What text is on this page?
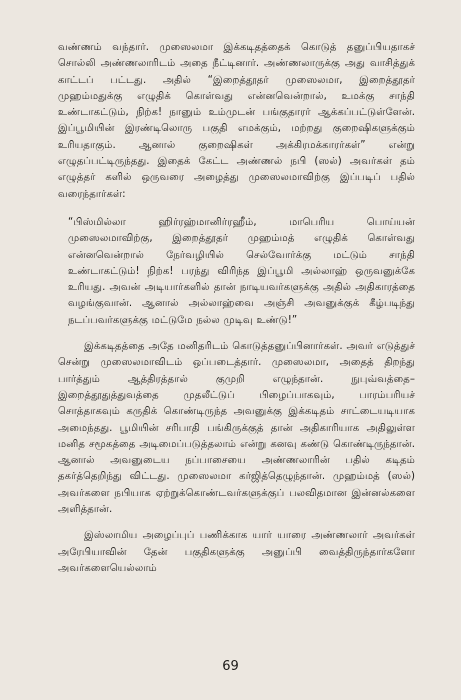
வண்ணம் வந்தார். முஸைலமா இக்கடிதத்தைக் கொடுத் தனுப்பியதாகச் சொல்லி அண்ணலாரிடம் அதை நீட்டினார். அண்ணலாருக்கு அது வாசித்துக் காட்டப் பட்டது. அதில் “இறைத்தூதர் முஸைலமா, இறைத்தூதர் முஹம்மதுக்கு எழுதிக் கொள்வது என்னவென்றால், உமக்கு சாந்தி உண்டாகட்டும், நிற்க! நானும் உம்முடன் பங்குதாரர் ஆக்கப்பட்டுள்ளேன். இப்பூமியின் இரண்டிலொரு பகுதி எமக்கும், மற்றது குறைஷிகளுக்கும் உரியதாகும். ஆனால் குறைஷிகள் அக்கிரமக்காரர்கள்” என்று எழுதப்பட்டிருந்தது. இதைக் கேட்ட அண்ணல் நபி (ஸல்) அவர்கள் தம் எழுத்தர் களில் ஒருவரை அழைத்து முஸைலமாவிற்கு இப்படிப் பதில் வரைந்தார்கள்:

“பிஸ்மில்லா ஹிர்ரஹ்மானிர்ரஹீம், மாபெரிய பொய்யன் முஸைலமாவிற்கு, இறைத்தூதர் முஹம்மத் எழுதிக் கொள்வது என்னவென்றால் நேர்வழியில் செல்வோர்க்கு மட்டும் சாந்தி உண்டாகட்டும்! நிற்க! பரந்து விரிந்த இப்பூமி அல்லாஹ் ஒருவனுக்கே உரியது. அவன் அடியார்களில் தான் நாடியவர்களுக்கு அதில் அதிகாரத்தை வழங்குவான். ஆனால் அல்லாஹ்வை அஞ்சி அவனுக்குக் கீழ்படிந்து நடப்பவர்களுக்கு மட்டுமே நல்ல முடிவு உண்டு!”

இக்கடிதத்தை அதே மனிதரிடம் கொடுத்தனுப்பினார்கள். அவர் எடுத்துச் சென்று முஸைலமாவிடம் ஒப்படைத்தார். முஸைலமா, அதைத் திறந்து பார்த்தும் ஆத்திரத்தால் குமுறி எழுந்தான். நுபுவ்வத்தை–இறைத்தூதுத்துவத்தை முதலீட்டுப் பிழைப்பாகவும், பாரம்பரியச் சொத்தாகவும் கருதிக் கொண்டிருந்த அவனுக்கு இக்கடிதம் சாட்டையடியாக அமைந்தது. பூமியின் சரிபாதி பங்கிருக்குத் தான் அதிகாரியாக அதிலுள்ள மனித சமூகத்தை அடிமைப்படுத்தலாம் என்று கனவு கண்டு கொண்டிருந்தான். ஆனால் அவனுடைய நப்பாசையை அண்ணலாரின் பதில் கடிதம் தகர்த்தெறிந்து விட்டது. முஸைலமா கர்ஜித்தெழுந்தான். முஹம்மத் (ஸல்) அவர்களை நபியாக ஏற்றுக்கொண்டவர்களுக்குப் பலவிதமான இன்னல்களை அளித்தான்.

இஸ்லாமிய அழைப்புப் பணிக்காக யார் யாரை அண்ணலார் அவர்கள் அரேபியாவின் தேன் பகுதிகளுக்கு அனுப்பி வைத்திருந்தார்களோ அவர்களையெல்லாம்

69
